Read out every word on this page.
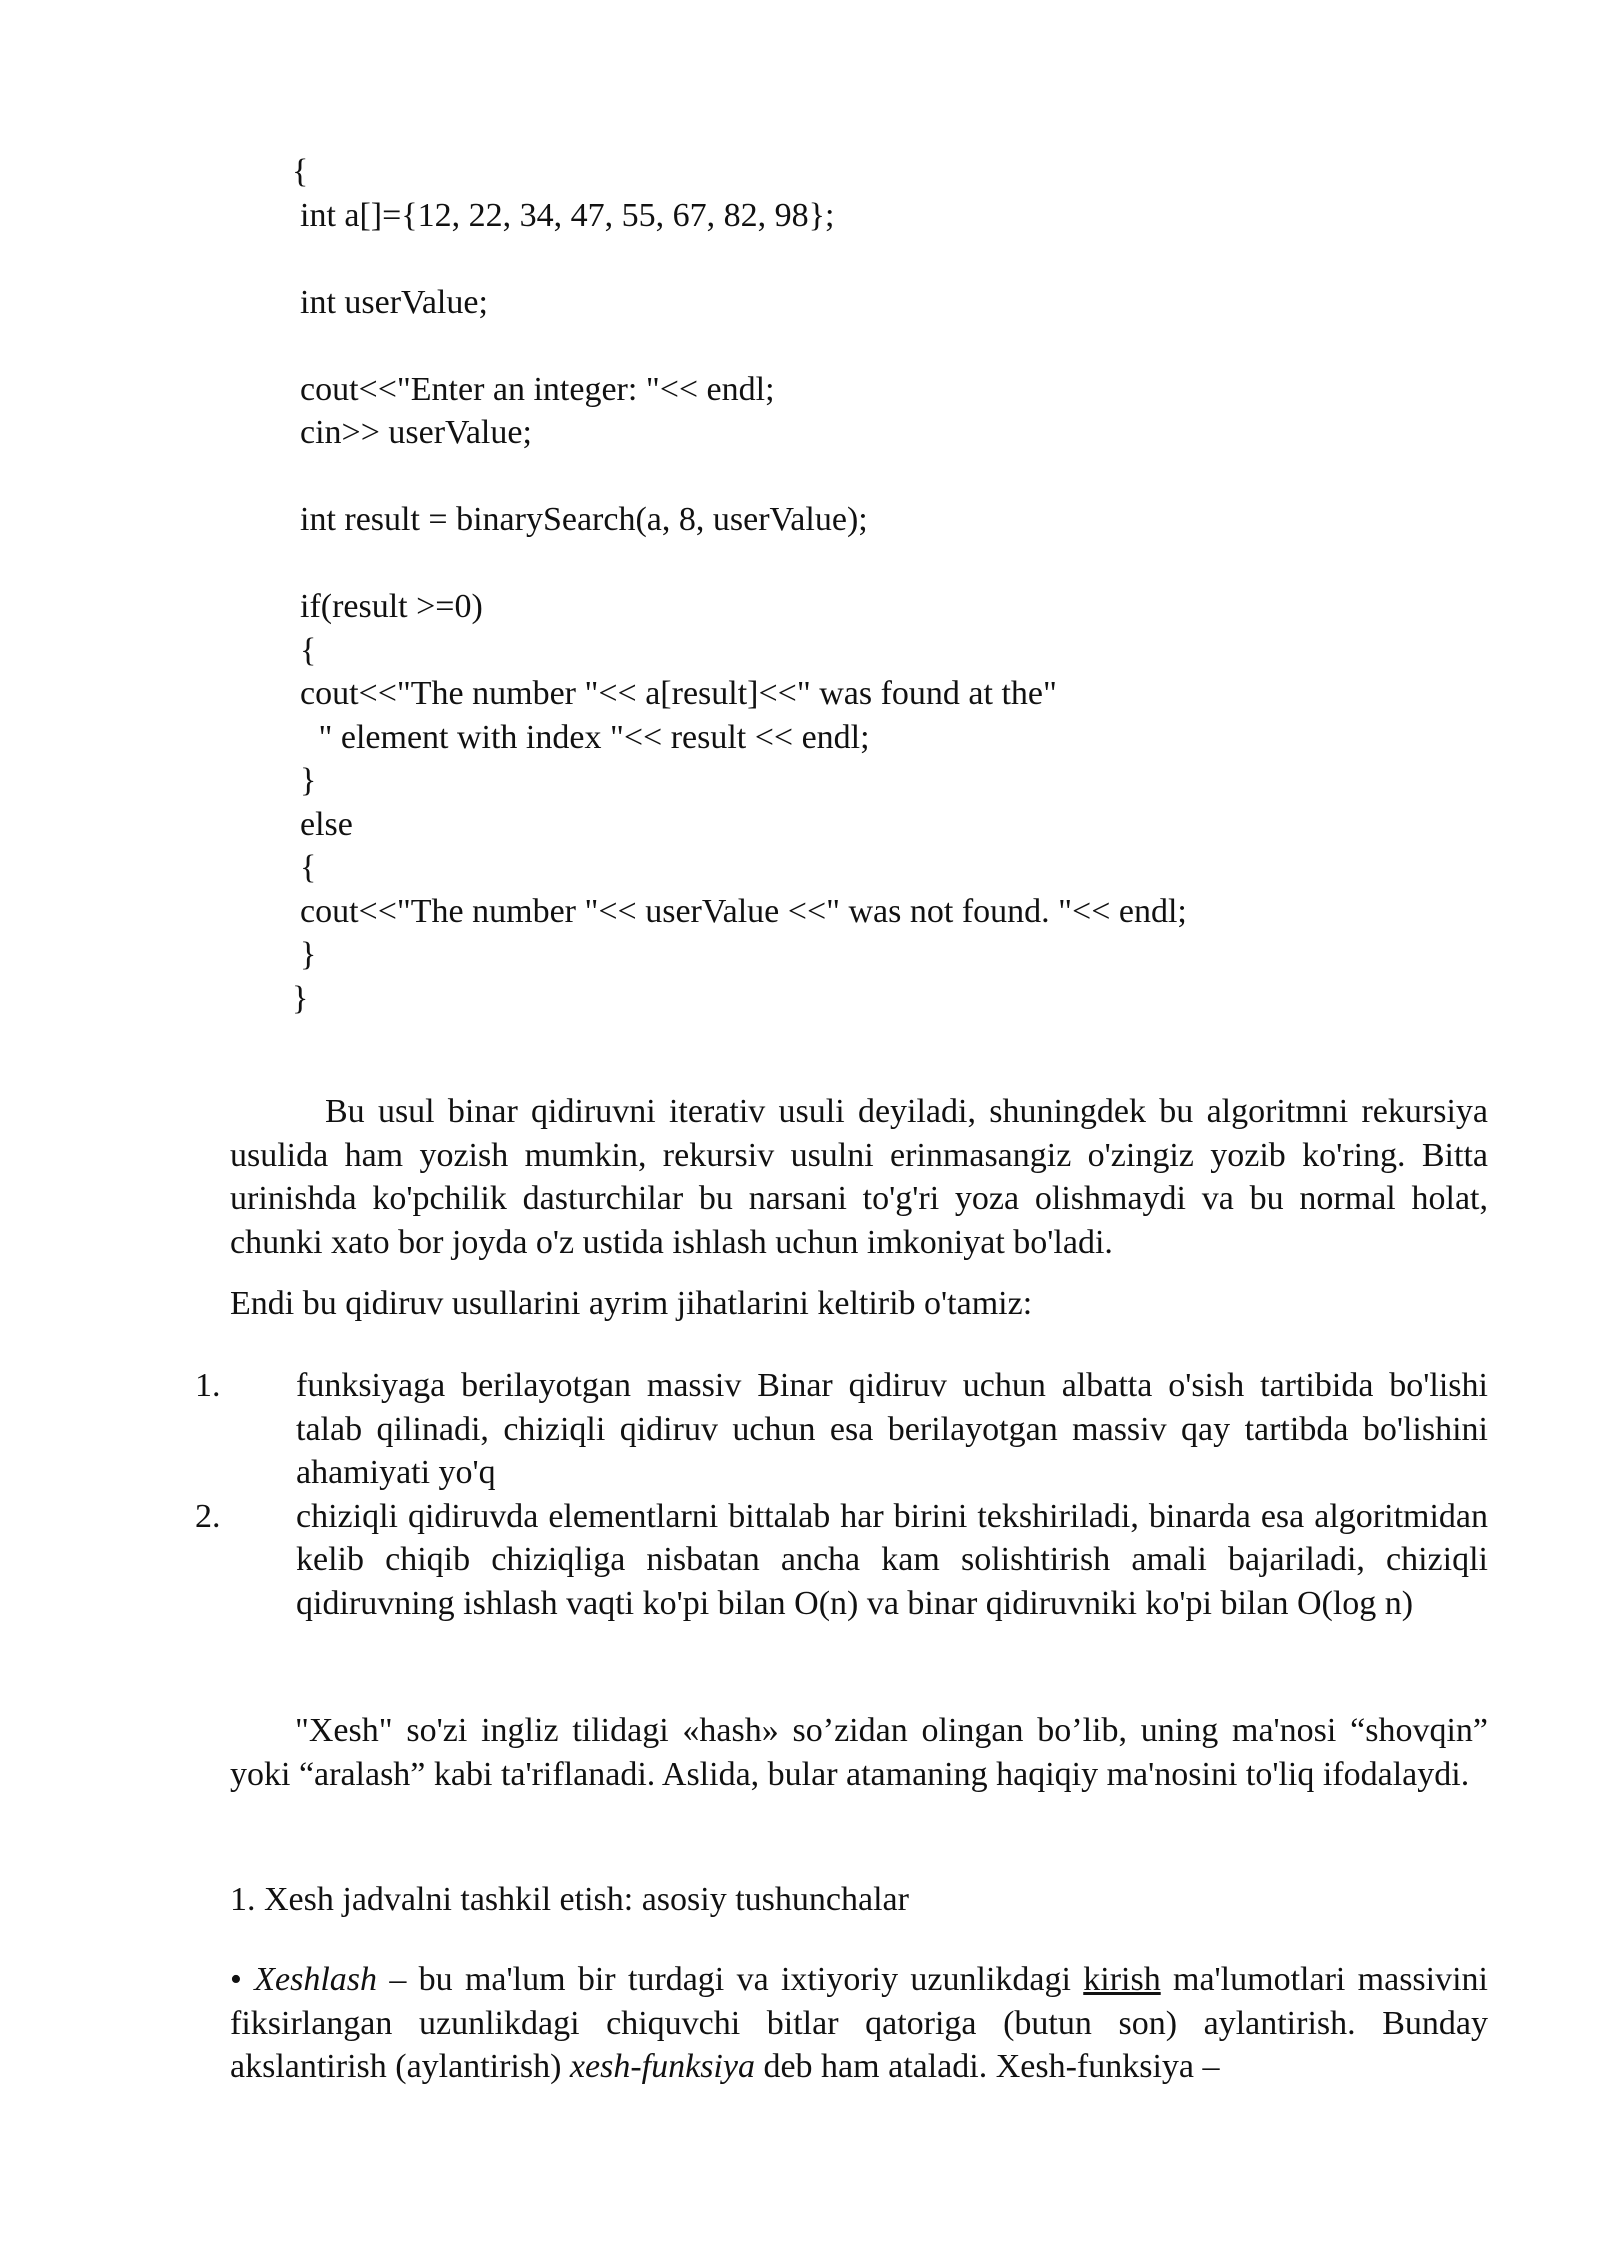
{
int a[]={12, 22, 34, 47, 55, 67, 82, 98};
int userValue;
cout<<"Enter an integer: "<< endl;
cin>> userValue;
int result = binarySearch(a, 8, userValue);
if(result >=0)
{
cout<<"The number "<< a[result]<<" was found at the"
" element with index "<< result << endl;
}
else
{
cout<<"The number "<< userValue <<" was not found. "<< endl;
}
}

Bu usul binar qidiruvni iterativ usuli deyiladi, shuningdek bu algoritmni rekursiya usulida ham yozish mumkin, rekursiv usulni erinmasangiz o'zingiz yozib ko'ring. Bitta urinishda ko'pchilik dasturchilar bu narsani to'g'ri yoza olishmaydi va bu normal holat, chunki xato bor joyda o'z ustida ishlash uchun imkoniyat bo'ladi.

Endi bu qidiruv usullarini ayrim jihatlarini keltirib o'tamiz:

1. funksiyaga berilayotgan massiv Binar qidiruv uchun albatta o'sish tartibida bo'lishi talab qilinadi, chiziqli qidiruv uchun esa berilayotgan massiv qay tartibda bo'lishini ahamiyati yo'q
2. chiziqli qidiruvda elementlarni bittalab har birini tekshiriladi, binarda esa algoritmidan kelib chiqib chiziqliga nisbatan ancha kam solishtirish amali bajariladi, chiziqli qidiruvning ishlash vaqti ko'pi bilan O(n) va binar qidiruvniki ko'pi bilan O(log n)

"Xesh" so'zi ingliz tilidagi «hash» so’zidan olingan bo’lib, uning ma'nosi “shovqin” yoki “aralash” kabi ta'riflanadi. Aslida, bular atamaning haqiqiy ma'nosini to'liq ifodalaydi.

1. Xesh jadvalni tashkil etish: asosiy tushunchalar

• Xeshlash – bu ma'lum bir turdagi va ixtiyoriy uzunlikdagi kirish ma'lumotlari massivini fiksirlangan uzunlikdagi chiquvchi bitlar qatoriga (butun son) aylantirish. Bunday akslantirish (aylantirish) xesh-funksiya deb ham ataladi. Xesh-funksiya –
